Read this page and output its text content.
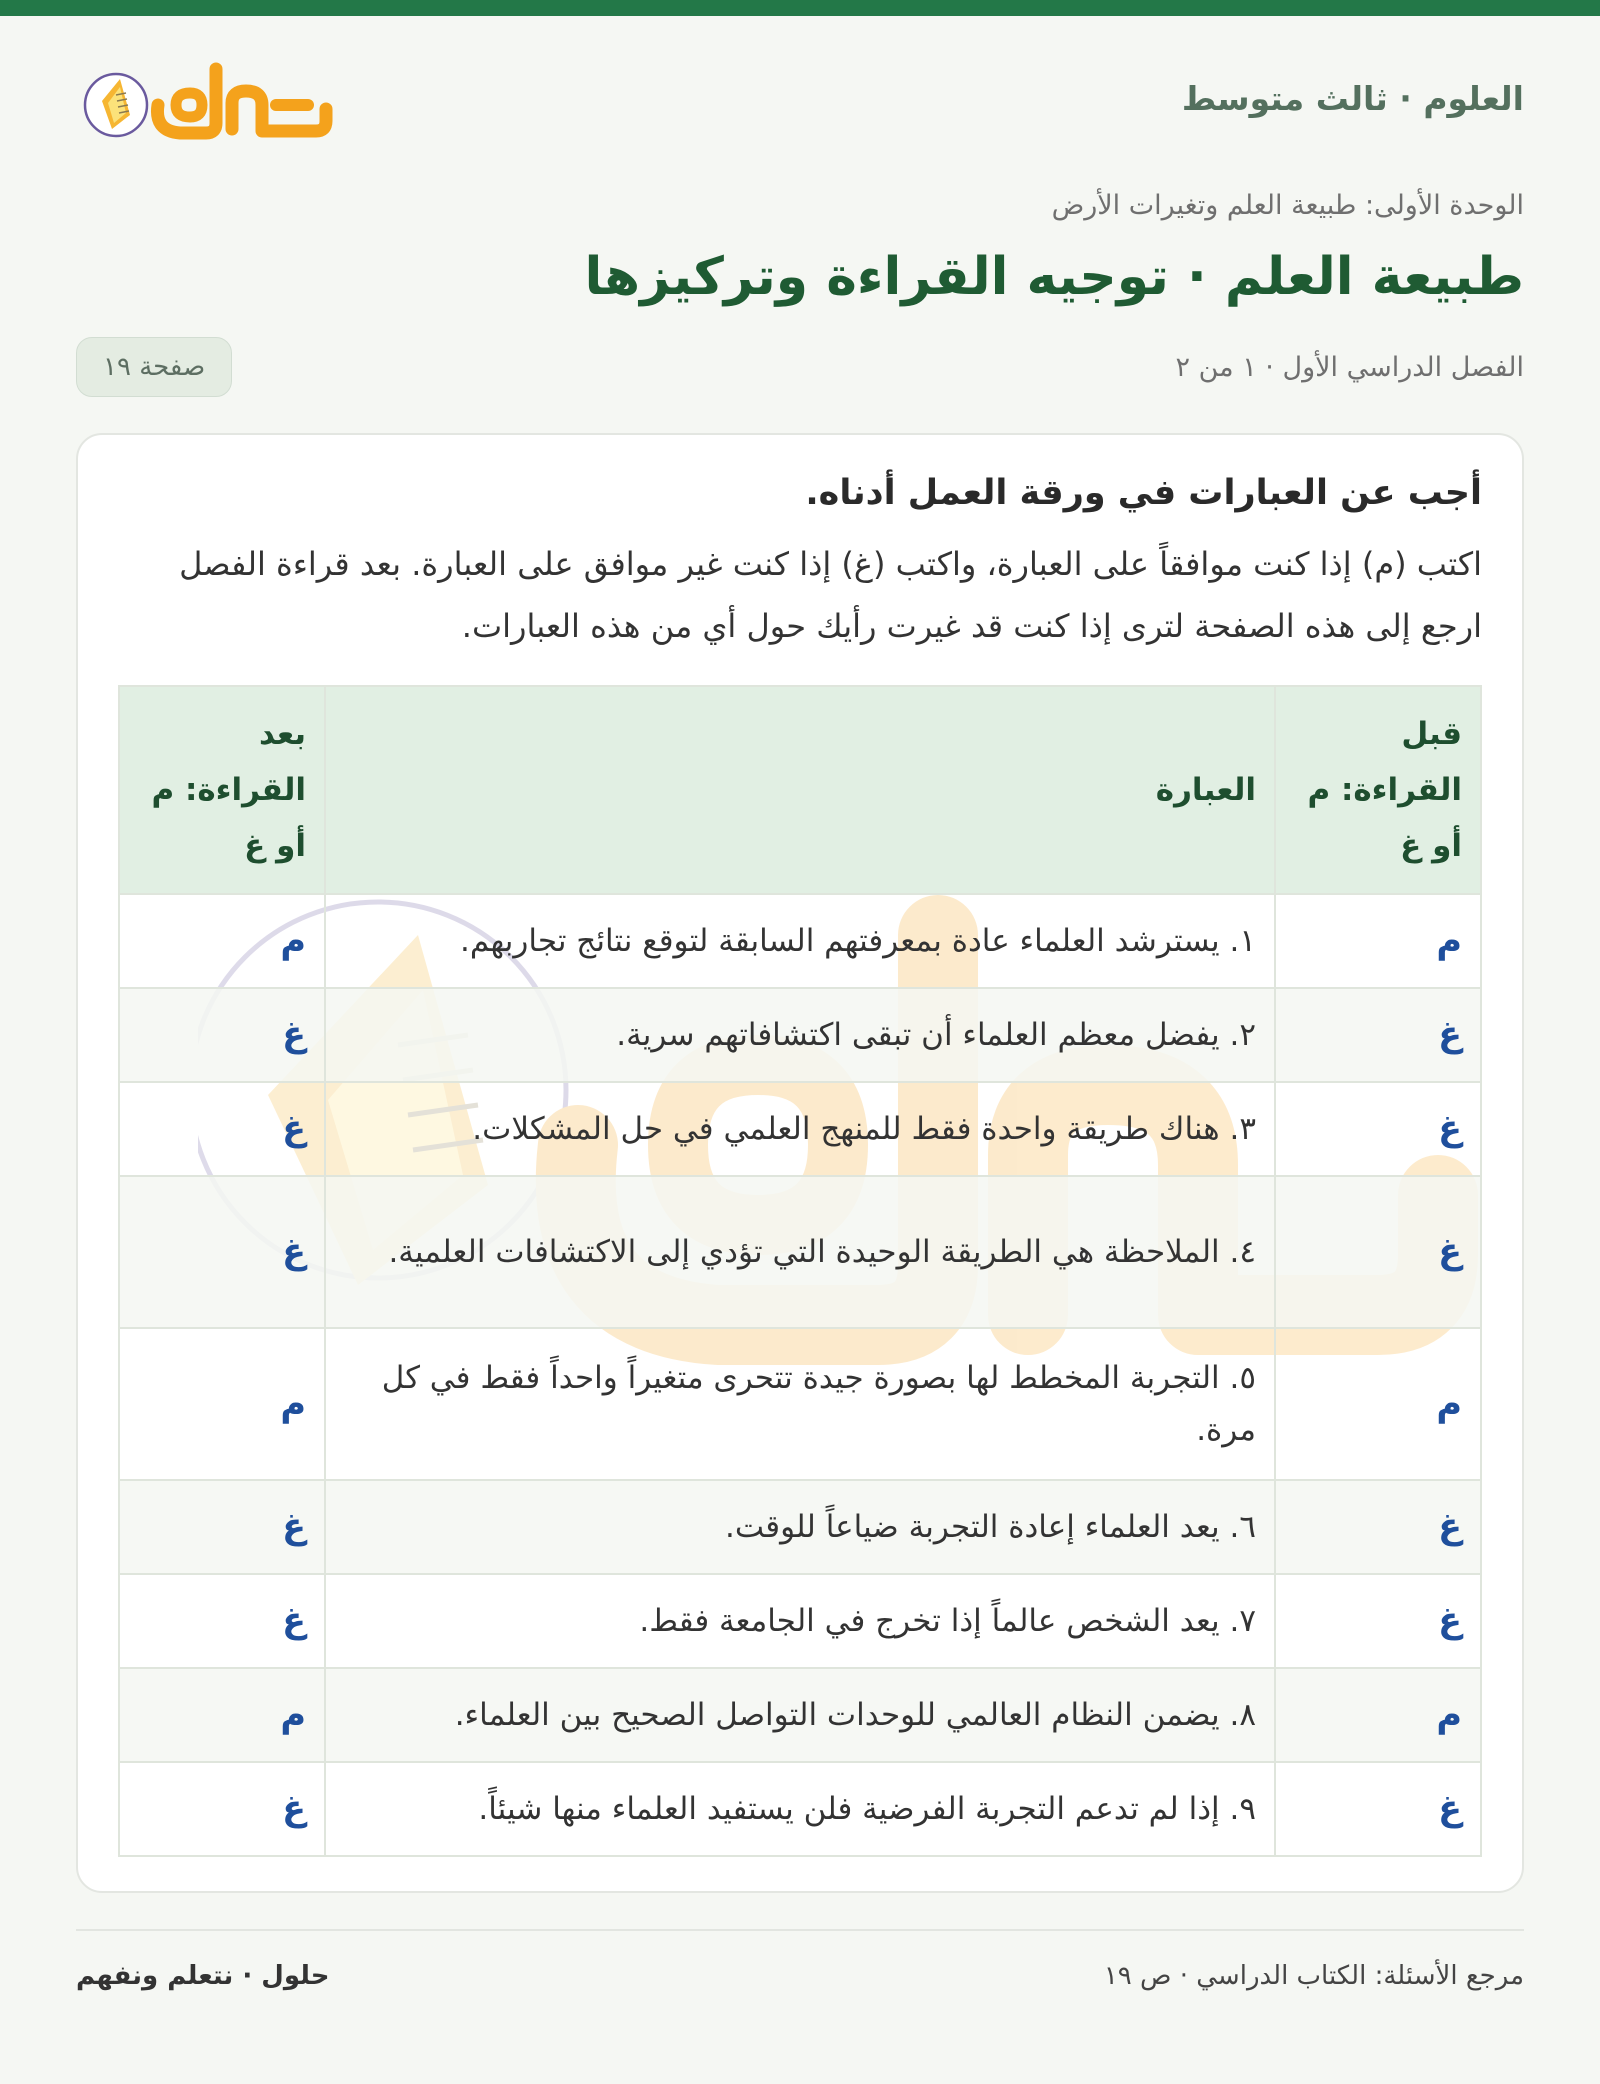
العلوم · ثالث متوسط
الوحدة الأولى: طبيعة العلم وتغيرات الأرض
طبيعة العلم · توجيه القراءة وتركيزها
الفصل الدراسي الأول · ١ من ٢
صفحة ١٩
أجب عن العبارات في ورقة العمل أدناه.

اكتب (م) إذا كنت موافقاً على العبارة، واكتب (غ) إذا كنت غير موافق على العبارة. بعد قراءة الفصل ارجع إلى هذه الصفحة لترى إذا كنت قد غيرت رأيك حول أي من هذه العبارات.

قبل القراءة: م أو غ	العبارة	بعد القراءة: م أو غ
م	١. يسترشد العلماء عادة بمعرفتهم السابقة لتوقع نتائج تجاربهم.	م
غ	٢. يفضل معظم العلماء أن تبقى اكتشافاتهم سرية.	غ
غ	٣. هناك طريقة واحدة فقط للمنهج العلمي في حل المشكلات.	غ
غ	٤. الملاحظة هي الطريقة الوحيدة التي تؤدي إلى الاكتشافات العلمية.	غ
م	٥. التجربة المخطط لها بصورة جيدة تتحرى متغيراً واحداً فقط في كل مرة.	م
غ	٦. يعد العلماء إعادة التجربة ضياعاً للوقت.	غ
غ	٧. يعد الشخص عالماً إذا تخرج في الجامعة فقط.	غ
م	٨. يضمن النظام العالمي للوحدات التواصل الصحيح بين العلماء.	م
غ	٩. إذا لم تدعم التجربة الفرضية فلن يستفيد العلماء منها شيئاً.	غ
مرجع الأسئلة: الكتاب الدراسي · ص ١٩
حلول · نتعلم ونفهم
